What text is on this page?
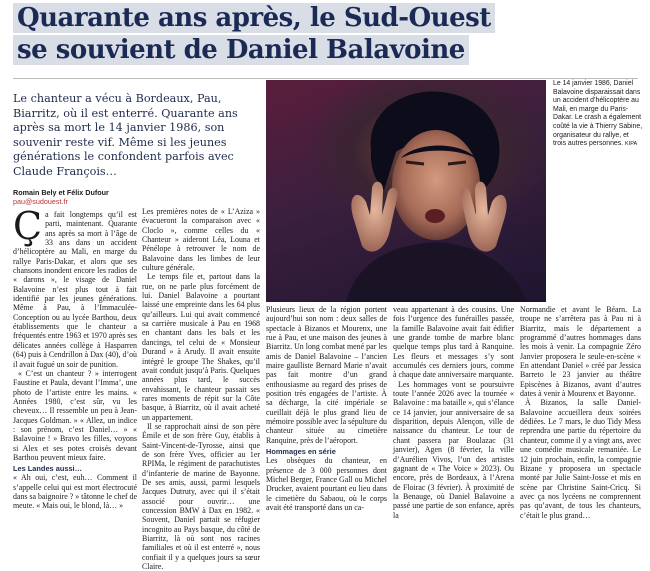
Quarante ans après, le Sud-Ouest
se souvient de Daniel Balavoine

Le chanteur a vécu à Bordeaux, Pau, Biarritz, où il est enterré. Quarante ans après sa mort le 14 janvier 1986, son souvenir reste vif. Même si les jeunes générations le confondent parfois avec Claude François…

Romain Bely et Félix Dufour
pau@sudouest.fr

Ça fait longtemps qu’il est parti, maintenant. Quarante ans après sa mort à l’âge de 33 ans dans un accident d’hélicoptère au Mali, en marge du rallye Paris-Dakar, et alors que ses chansons inondent encore les radios de « darons », le visage de Daniel Balavoine n’est plus tout à fait identifié par les jeunes générations. Même à Pau, à l’Immaculée-Conception ou au lycée Barthou, deux établissements que le chanteur a fréquentés entre 1963 et 1970 après ses délicates années collège à Hasparren (64) puis à Cendrillon à Dax (40), d’où il avait fugué un soir de punition.

« C’est un chanteur ? » interrogent Faustine et Paula, devant l’Imma’, une photo de l’artiste entre les mains. « Années 1980, c’est sûr, vu les cheveux… Il ressemble un peu à Jean-Jacques Goldman. » « Allez, un indice : son prénom, c’est Daniel… » « Balavoine ! » Bravo les filles, voyons si Alex et ses potes croisés devant Barthou peuvent mieux faire.

Les Landes aussi…

« Ah oui, c’est, euh… Comment il s’appelle celui qui est mort électrocuté dans sa baignoire ? » tâtonne le chef de meute. « Mais oui, le blond, là… »

Les premières notes de « L’Aziza » évacueront la comparaison avec « Cloclo », comme celles du « Chanteur » aideront Léa, Louna et Pénélope à retrouver le nom de Balavoine dans les limbes de leur culture générale.

Le temps file et, partout dans la rue, on ne parle plus forcément de lui. Daniel Balavoine a pourtant laissé une empreinte dans les 64 plus qu’ailleurs. Lui qui avait commencé sa carrière musicale à Pau en 1968 en chantant dans les bals et les dancings, tel celui de « Monsieur Durand » à Arudy. Il avait ensuite intégré le groupe The Shakes, qu’il avait conduit jusqu’à Paris. Quelques années plus tard, le succès envahissant, le chanteur passait ses rares moments de répit sur la Côte basque, à Biarritz, où il avait acheté un appartement.

Il se rapprochait ainsi de son père Émile et de son frère Guy, établis à Saint-Vincent-de-Tyrosse, ainsi que de son frère Yves, officier au 1er RPIMa, le régiment de parachutistes d’infanterie de marine de Bayonne. De ses amis, aussi, parmi lesquels Jacques Dutruty, avec qui il s’était associé pour ouvrir… une concession BMW à Dax en 1982. « Souvent, Daniel partait se réfugier incognito au Pays basque, du côté de Biarritz, là où sont nos racines familiales et où il est enterré », nous confiait il y a quelques jours sa sœur Claire.

Le 14 janvier 1986, Daniel Balavoine disparaissait dans un accident d’hélicoptère au Mali, en marge du Paris-Dakar. Le crash a également coûté la vie à Thierry Sabine, organisateur du rallye, et trois autres personnes. KIPA

Plusieurs lieux de la région portent aujourd’hui son nom : deux salles de spectacle à Bizanos et Mourenx, une rue à Pau, et une maison des jeunes à Biarritz. Un long combat mené par les amis de Daniel Balavoine – l’ancien maire gaulliste Bernard Marie n’avait pas fait montre d’un grand enthousiasme au regard des prises de position très engagées de l’artiste. À sa décharge, la cité impériale se cueillait déjà le plus grand lieu de mémoire possible avec la sépulture du chanteur située au cimetière Ranquine, près de l’aéroport.

Hommages en série

Les obsèques du chanteur, en présence de 3 000 personnes dont Michel Berger, France Gall ou Michel Drucker, avaient pourtant eu lieu dans le cimetière du Sabaou, où le corps avait été transporté dans un ca-

veau appartenant à des cousins. Une fois l’urgence des funérailles passée, la famille Balavoine avait fait édifier une grande tombe de marbre blanc quelque temps plus tard à Ranquine. Les fleurs et messages s’y sont accumulés ces derniers jours, comme à chaque date anniversaire marquante.

Les hommages vont se poursuivre toute l’année 2026 avec la tournée « Balavoine : ma bataille », qui s’élance ce 14 janvier, jour anniversaire de sa disparition, depuis Alençon, ville de naissance du chanteur. Le tour de chant passera par Boulazac (31 janvier), Agen (8 février, la ville d’Aurélien Vivos, l’un des artistes gagnant de « The Voice » 2023). Ou encore, près de Bordeaux, à l’Arena de Floirac (3 février). À proximité de la Benauge, où Daniel Balavoine a passé une partie de son enfance, après la

Normandie et avant le Béarn. La troupe ne s’arrêtera pas à Pau ni à Biarritz, mais le département a programmé d’autres hommages dans les mois à venir. La compagnie Zéro Janvier proposera le seule-en-scène « En attendant Daniel » créé par Jessica Barreto le 23 janvier au théâtre Episcènes à Bizanos, avant d’autres dates à venir à Mourenx et Bayonne.

À Bizanos, la salle Daniel-Balavoine accueillera deux soirées dédiées. Le 7 mars, le duo Tidy Mess reprendra une partie du répertoire du chanteur, comme il y a vingt ans, avec une comédie musicale remaniée. Le 12 juin prochain, enfin, la compagnie Bizane y proposera un spectacle monté par Julie Saint-Josse et mis en scène par Christine Saint-Cricq. Si avec ça nos lycéens ne comprennent pas qu’avant, de tous les chanteurs, c’était le plus grand…
